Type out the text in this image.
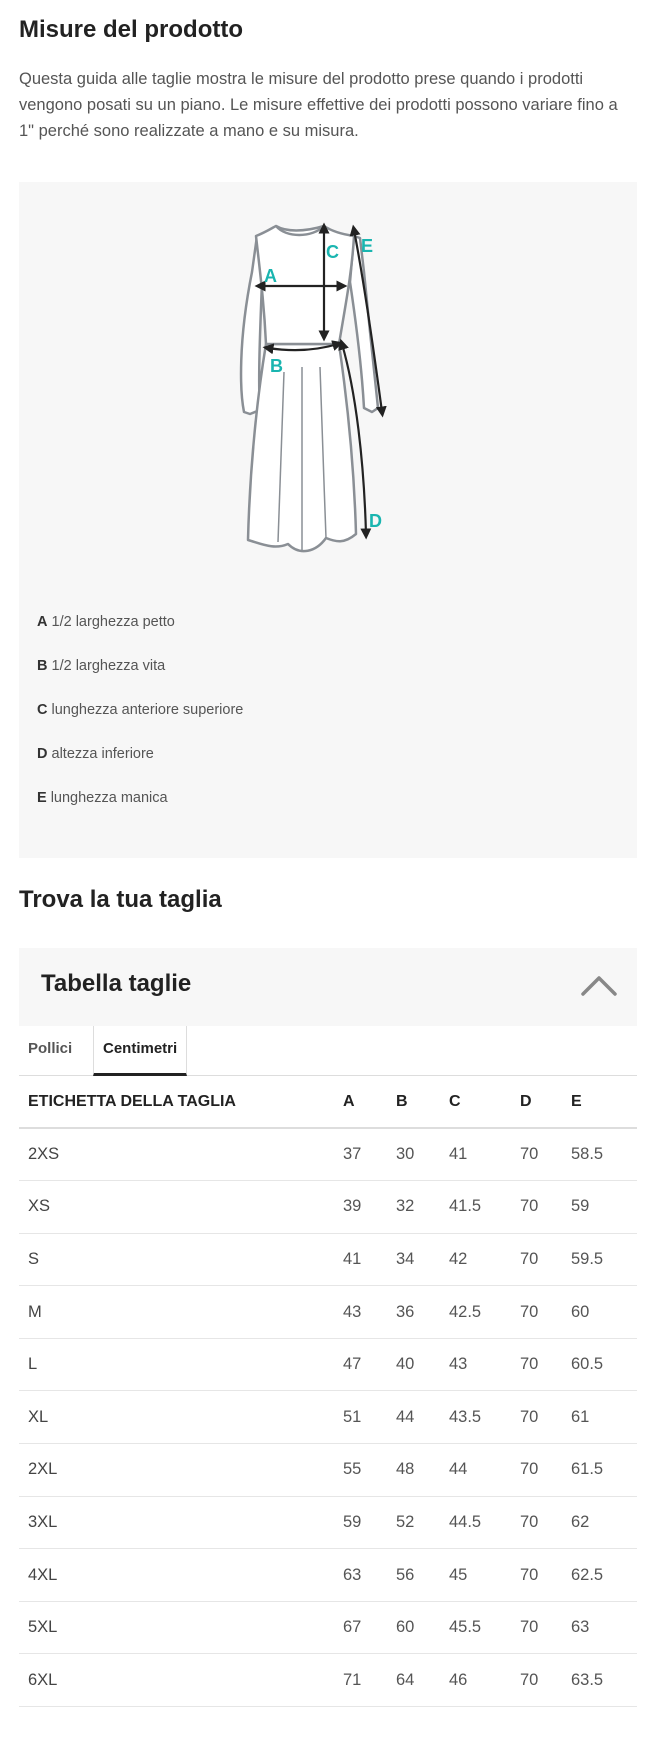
Misure del prodotto

Questa guida alle taglie mostra le misure del prodotto prese quando i prodotti vengono posati su un piano. Le misure effettive dei prodotti possono variare fino a 1" perché sono realizzate a mano e su misura.

A
B
C
D
E
A 1/2 larghezza petto
B 1/2 larghezza vita
C lunghezza anteriore superiore
D altezza inferiore
E lunghezza manica
Trova la tua taglia
Tabella taglie
Pollici	Centimetri
ETICHETTA DELLA TAGLIA	A	B	C	D	E
2XS	37	30	41	70	58.5
XS	39	32	41.5	70	59
S	41	34	42	70	59.5
M	43	36	42.5	70	60
L	47	40	43	70	60.5
XL	51	44	43.5	70	61
2XL	55	48	44	70	61.5
3XL	59	52	44.5	70	62
4XL	63	56	45	70	62.5
5XL	67	60	45.5	70	63
6XL	71	64	46	70	63.5
